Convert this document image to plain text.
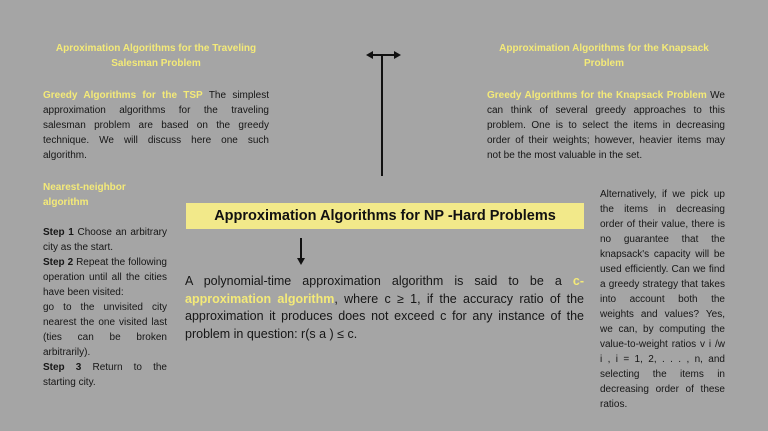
Aproximation Algorithms for the Traveling Salesman Problem
Greedy Algorithms for the TSP The simplest approximation algorithms for the traveling salesman problem are based on the greedy technique. We will discuss here one such algorithm.
Nearest-neighbor algorithm
Step 1 Choose an arbitrary city as the start.
Step 2 Repeat the following operation until all the cities have been visited:
go to the unvisited city nearest the one visited last (ties can be broken arbitrarily).
Step 3 Return to the starting city.
Approximation Algorithms for NP -Hard Problems
A polynomial-time approximation algorithm is said to be a c-approximation algorithm, where c ≥ 1, if the accuracy ratio of the approximation it produces does not exceed c for any instance of the problem in question: r(s a ) ≤ c.
Approximation Algorithms for the Knapsack Problem
Greedy Algorithms for the Knapsack Problem We can think of several greedy approaches to this problem. One is to select the items in decreasing order of their weights; however, heavier items may not be the most valuable in the set.
Alternatively, if we pick up the items in decreasing order of their value, there is no guarantee that the knapsack's capacity will be used efficiently. Can we find a greedy strategy that takes into account both the weights and values? Yes, we can, by computing the value-to-weight ratios v i /w i , i = 1, 2, . . . , n, and selecting the items in decreasing order of these ratios.
